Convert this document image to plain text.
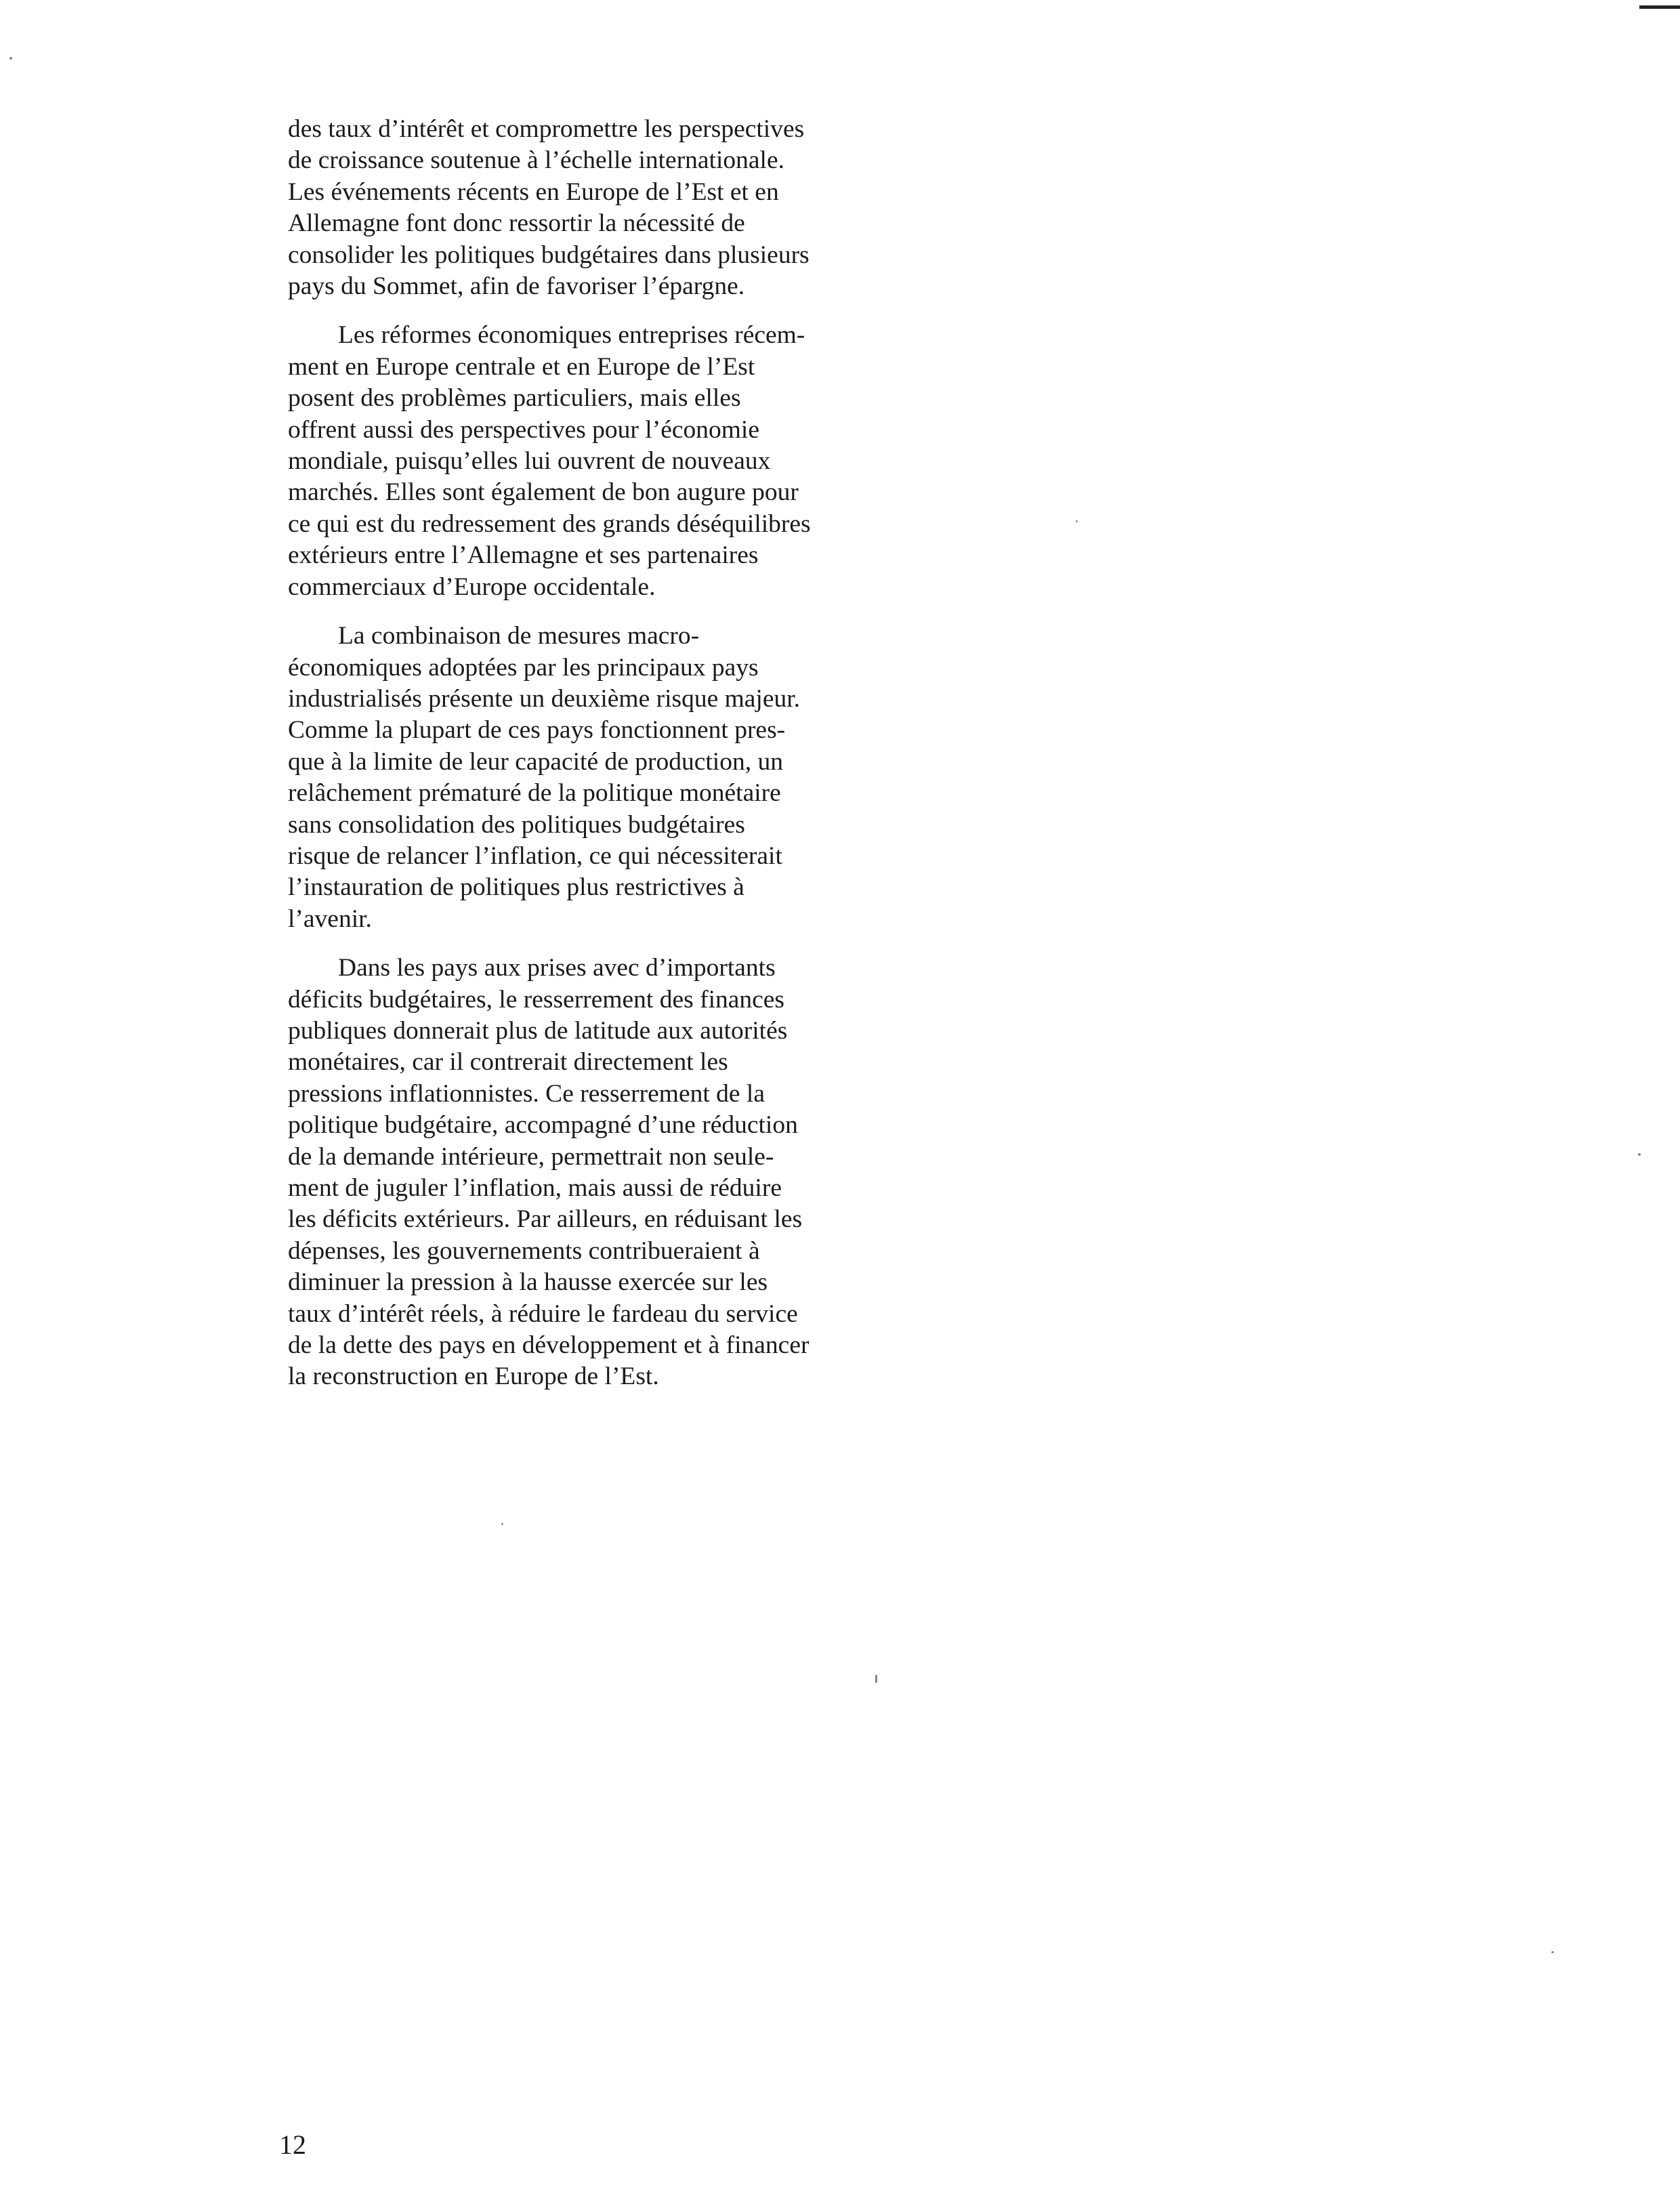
des taux d’intérêt et compromettre les perspectives
de croissance soutenue à l’échelle internationale.
Les événements récents en Europe de l’Est et en
Allemagne font donc ressortir la nécessité de
consolider les politiques budgétaires dans plusieurs
pays du Sommet, afin de favoriser l’épargne.

Les réformes économiques entreprises récem-
ment en Europe centrale et en Europe de l’Est
posent des problèmes particuliers, mais elles
offrent aussi des perspectives pour l’économie
mondiale, puisqu’elles lui ouvrent de nouveaux
marchés. Elles sont également de bon augure pour
ce qui est du redressement des grands déséquilibres
extérieurs entre l’Allemagne et ses partenaires
commerciaux d’Europe occidentale.

La combinaison de mesures macro-
économiques adoptées par les principaux pays
industrialisés présente un deuxième risque majeur.
Comme la plupart de ces pays fonctionnent pres-
que à la limite de leur capacité de production, un
relâchement prématuré de la politique monétaire
sans consolidation des politiques budgétaires
risque de relancer l’inflation, ce qui nécessiterait
l’instauration de politiques plus restrictives à
l’avenir.

Dans les pays aux prises avec d’importants
déficits budgétaires, le resserrement des finances
publiques donnerait plus de latitude aux autorités
monétaires, car il contrerait directement les
pressions inflationnistes. Ce resserrement de la
politique budgétaire, accompagné d’une réduction
de la demande intérieure, permettrait non seule-
ment de juguler l’inflation, mais aussi de réduire
les déficits extérieurs. Par ailleurs, en réduisant les
dépenses, les gouvernements contribueraient à
diminuer la pression à la hausse exercée sur les
taux d’intérêt réels, à réduire le fardeau du service
de la dette des pays en développement et à financer
la reconstruction en Europe de l’Est.

12
